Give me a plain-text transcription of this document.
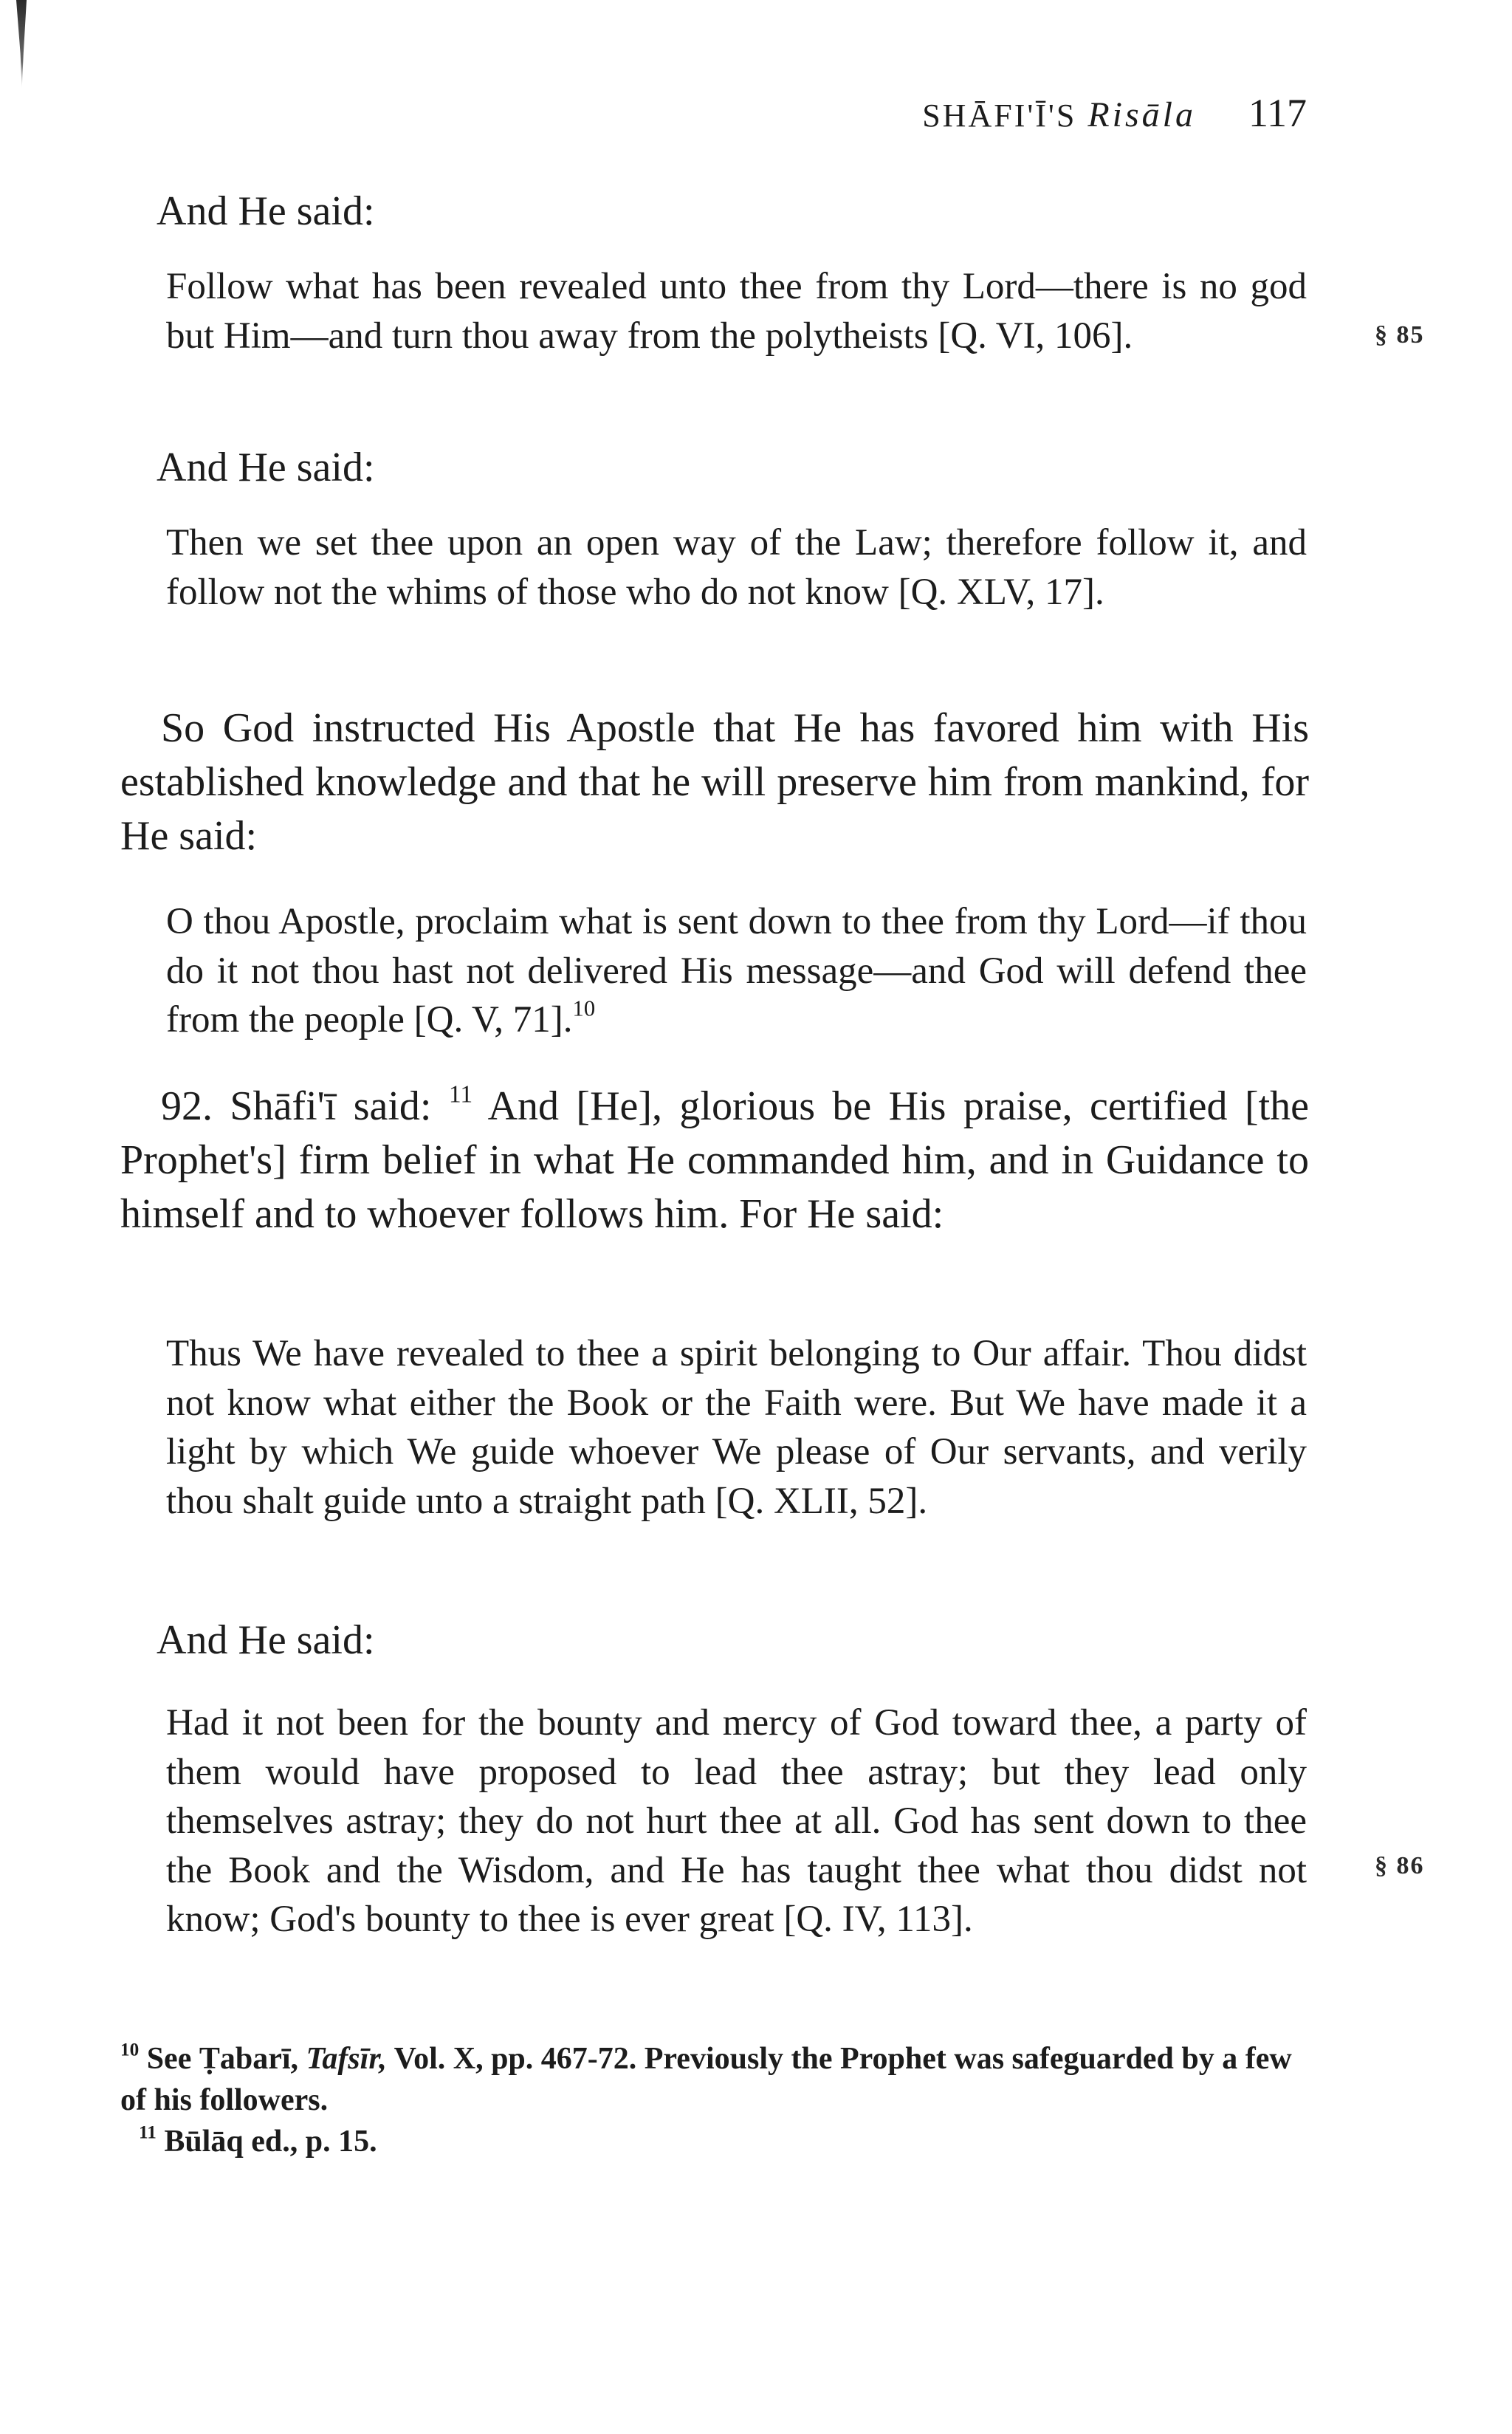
SHĀFI'Ī'S Risāla 117
And He said:
Follow what has been revealed unto thee from thy Lord—there is no god but Him—and turn thou away from the polytheists [Q. VI, 106].	§ 85
And He said:
Then we set thee upon an open way of the Law; therefore follow it, and follow not the whims of those who do not know [Q. XLV, 17].
So God instructed His Apostle that He has favored him with His established knowledge and that he will preserve him from mankind, for He said:
O thou Apostle, proclaim what is sent down to thee from thy Lord—if thou do it not thou hast not delivered His message—and God will defend thee from the people [Q. V, 71].$^{10}$
92. Shāfi'ī said: $^{11}$ And [He], glorious be His praise, certified [the Prophet's] firm belief in what He commanded him, and in Guidance to himself and to whoever follows him. For He said:
Thus We have revealed to thee a spirit belonging to Our affair. Thou didst not know what either the Book or the Faith were. But We have made it a light by which We guide whoever We please of Our servants, and verily thou shalt guide unto a straight path [Q. XLII, 52].
And He said:
Had it not been for the bounty and mercy of God toward thee, a party of them would have proposed to lead thee astray; but they lead only themselves astray; they do not hurt thee at all. God has sent down to thee the Book and the Wisdom, and He has taught thee what thou didst not know; God's bounty to thee is ever great [Q. IV, 113].
§ 86
$^{10}$ See Ṭabarī, Tafsīr, Vol. X, pp. 467-72. Previously the Prophet was safeguarded by a few of his followers.
$^{11}$ Būlāq ed., p. 15.
